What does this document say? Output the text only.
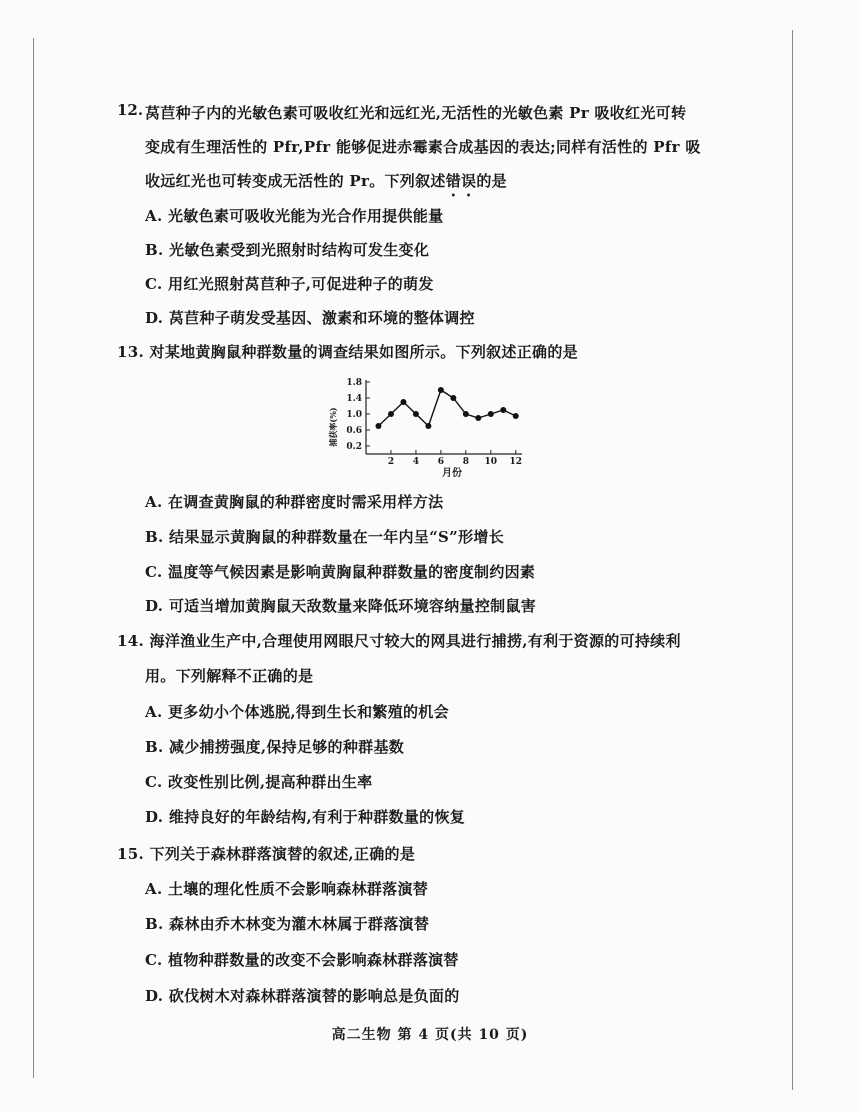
12. 莴苣种子内的光敏色素可吸收红光和远红光,无活性的光敏色素 Pr 吸收红光可转
变成有生理活性的 Pfr,Pfr 能够促进赤霉素合成基因的表达;同样有活性的 Pfr 吸
收远红光也可转变成无活性的 Pr。下列叙述错误的是
A. 光敏色素可吸收光能为光合作用提供能量
B. 光敏色素受到光照射时结构可发生变化
C. 用红光照射莴苣种子,可促进种子的萌发
D. 莴苣种子萌发受基因、激素和环境的整体调控
13. 对某地黄胸鼠种群数量的调查结果如图所示。下列叙述正确的是
1.8
1.4
1.0
0.6
0.2
2 4 6 8 10 12
月份
捕获率(%)
A. 在调查黄胸鼠的种群密度时需采用样方法
B. 结果显示黄胸鼠的种群数量在一年内呈“S”形增长
C. 温度等气候因素是影响黄胸鼠种群数量的密度制约因素
D. 可适当增加黄胸鼠天敌数量来降低环境容纳量控制鼠害
14. 海洋渔业生产中,合理使用网眼尺寸较大的网具进行捕捞,有利于资源的可持续利
用。下列解释不正确的是
A. 更多幼小个体逃脱,得到生长和繁殖的机会
B. 减少捕捞强度,保持足够的种群基数
C. 改变性别比例,提高种群出生率
D. 维持良好的年龄结构,有利于种群数量的恢复
15. 下列关于森林群落演替的叙述,正确的是
A. 土壤的理化性质不会影响森林群落演替
B. 森林由乔木林变为灌木林属于群落演替
C. 植物种群数量的改变不会影响森林群落演替
D. 砍伐树木对森林群落演替的影响总是负面的
高二生物 第 4 页(共 10 页)
